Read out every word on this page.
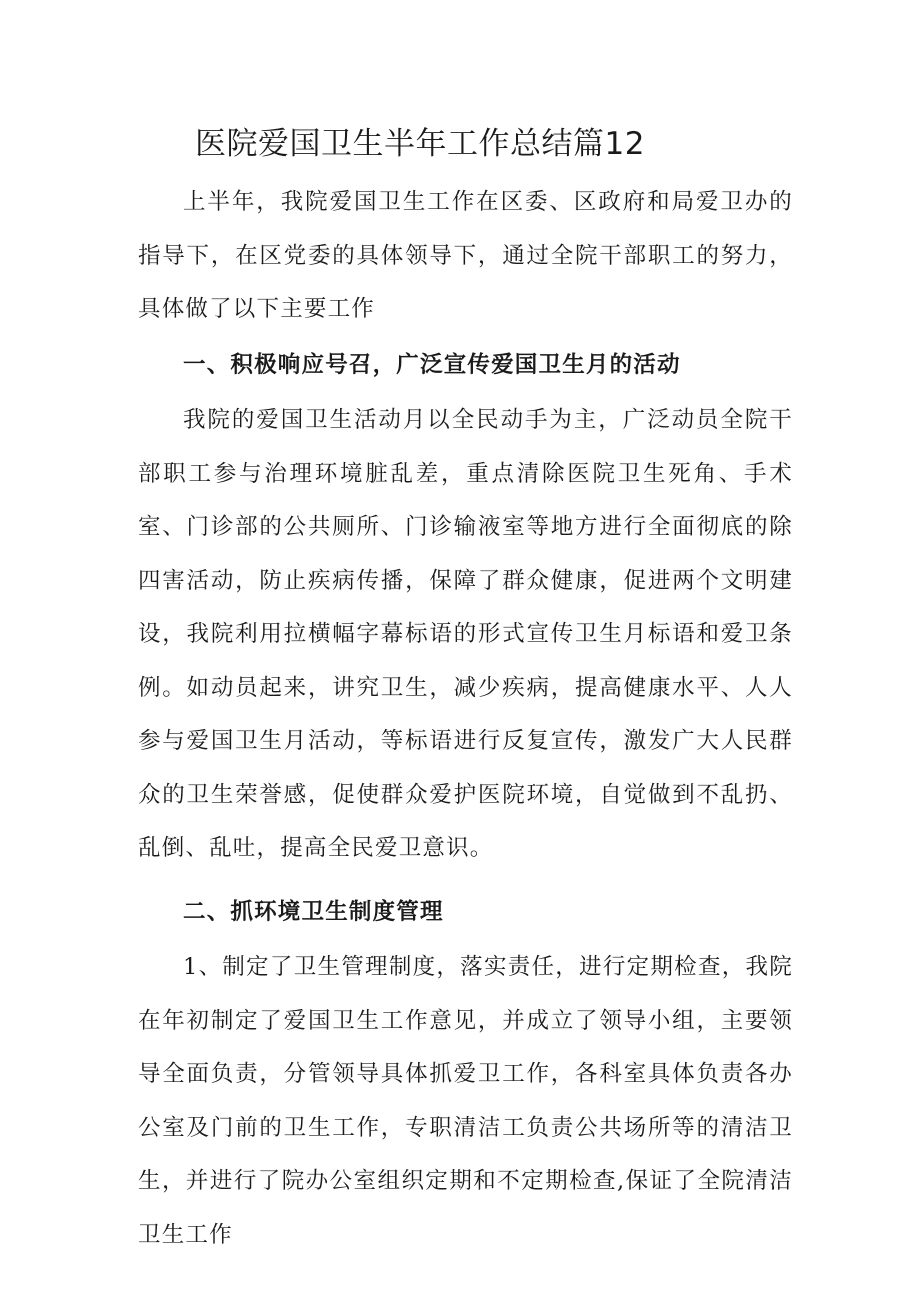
医院爱国卫生半年工作总结篇12

上半年，我院爱国卫生工作在区委、区政府和局爱卫办的指导下，在区党委的具体领导下，通过全院干部职工的努力，具体做了以下主要工作

一、积极响应号召，广泛宣传爱国卫生月的活动

我院的爱国卫生活动月以全民动手为主，广泛动员全院干部职工参与治理环境脏乱差，重点清除医院卫生死角、手术室、门诊部的公共厕所、门诊输液室等地方进行全面彻底的除四害活动，防止疾病传播，保障了群众健康，促进两个文明建设，我院利用拉横幅字幕标语的形式宣传卫生月标语和爱卫条例。如动员起来，讲究卫生，减少疾病，提高健康水平、人人参与爱国卫生月活动，等标语进行反复宣传，激发广大人民群众的卫生荣誉感，促使群众爱护医院环境，自觉做到不乱扔、乱倒、乱吐，提高全民爱卫意识。

二、抓环境卫生制度管理

1、制定了卫生管理制度，落实责任，进行定期检查，我院在年初制定了爱国卫生工作意见，并成立了领导小组，主要领导全面负责，分管领导具体抓爱卫工作，各科室具体负责各办公室及门前的卫生工作，专职清洁工负责公共场所等的清洁卫生，并进行了院办公室组织定期和不定期检查,保证了全院清洁卫生工作
